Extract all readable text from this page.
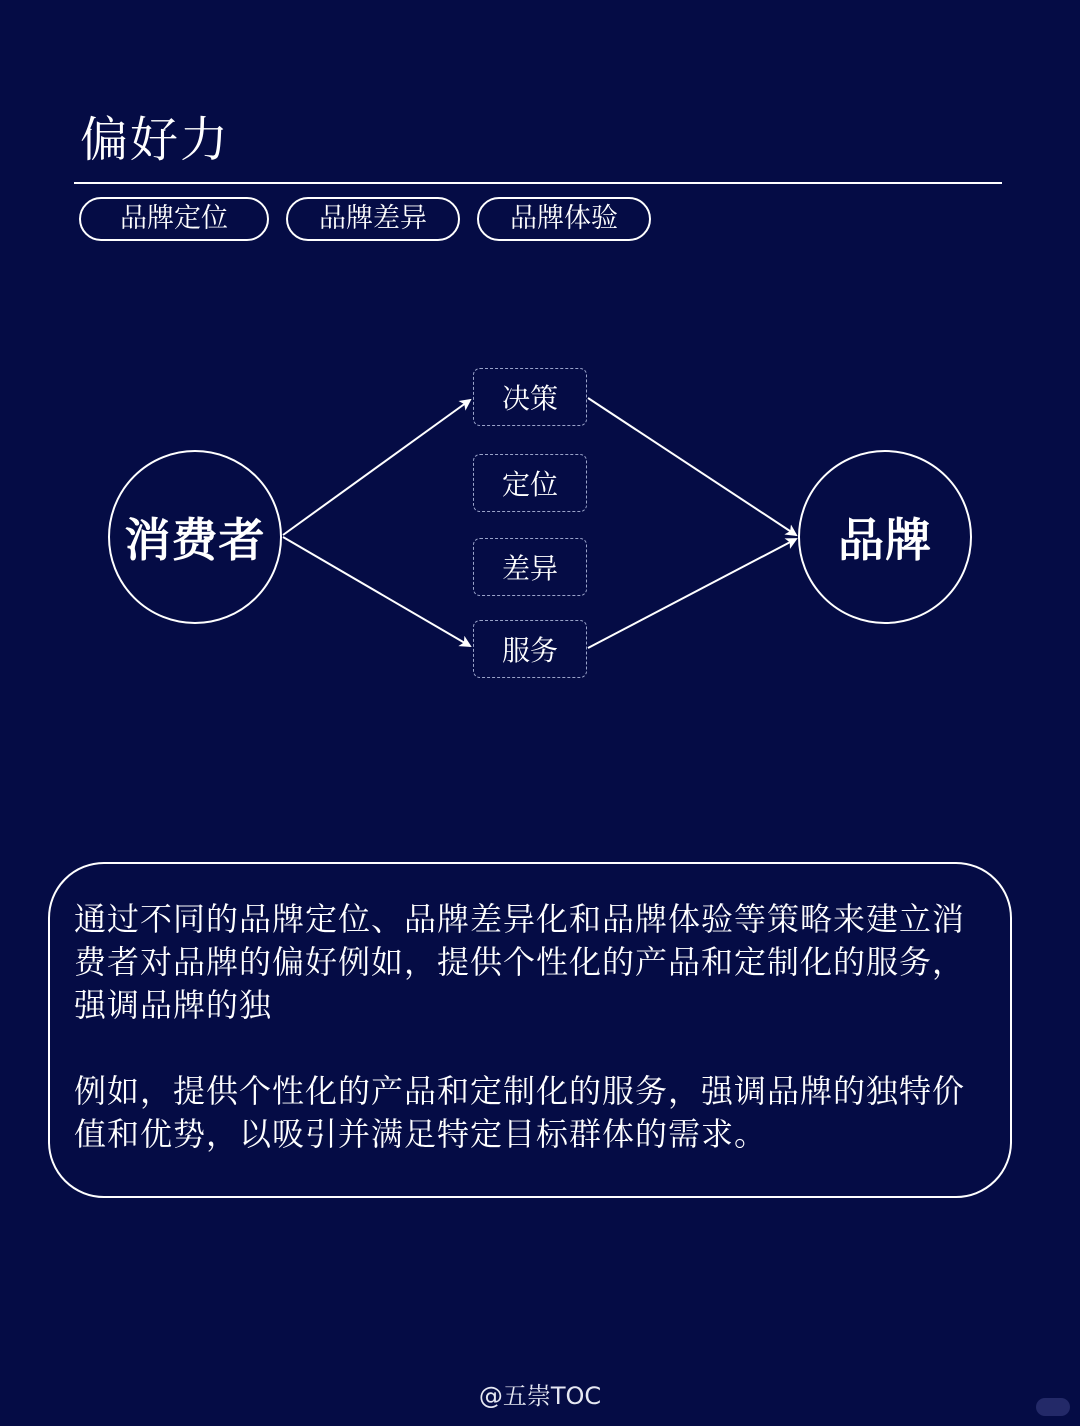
偏好力
品牌定位	品牌差异	品牌体验
消费者	品牌
决策
定位
差异
服务

通过不同的品牌定位、品牌差异化和品牌体验等策略来建立消费者对品牌的偏好例如，提供个性化的产品和定制化的服务，强调品牌的独

例如，提供个性化的产品和定制化的服务，强调品牌的独特价值和优势，以吸引并满足特定目标群体的需求。

@五崇TOC
